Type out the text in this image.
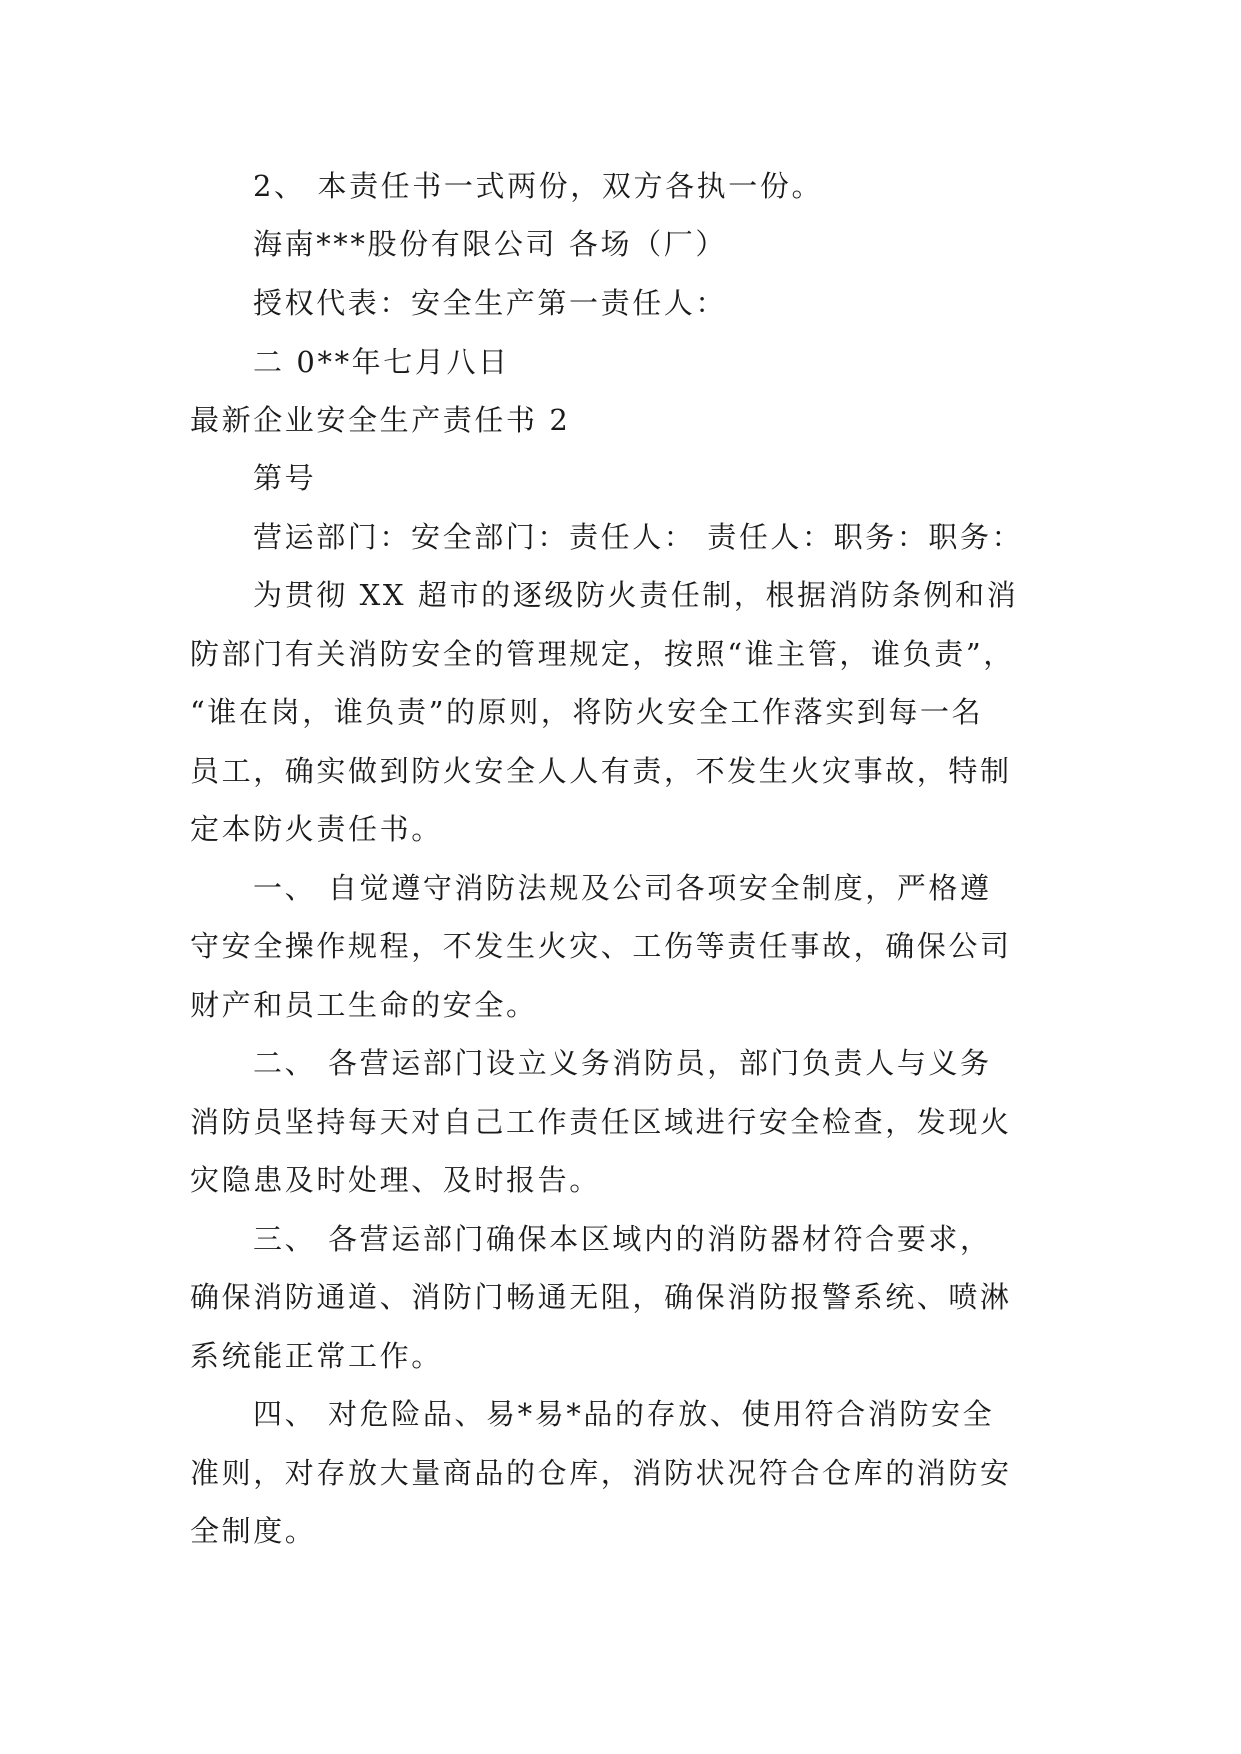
2、 本责任书一式两份，双方各执一份。

海南***股份有限公司 各场（厂）

授权代表：安全生产第一责任人：

二 0**年七月八日

最新企业安全生产责任书 2

第号

营运部门：安全部门：责任人： 责任人：职务：职务：

为贯彻 XX 超市的逐级防火责任制，根据消防条例和消

防部门有关消防安全的管理规定，按照“谁主管，谁负责”，

“谁在岗，谁负责”的原则，将防火安全工作落实到每一名

员工，确实做到防火安全人人有责，不发生火灾事故，特制

定本防火责任书。

一、 自觉遵守消防法规及公司各项安全制度，严格遵

守安全操作规程，不发生火灾、工伤等责任事故，确保公司

财产和员工生命的安全。

二、 各营运部门设立义务消防员，部门负责人与义务

消防员坚持每天对自己工作责任区域进行安全检查，发现火

灾隐患及时处理、及时报告。

三、 各营运部门确保本区域内的消防器材符合要求，

确保消防通道、消防门畅通无阻，确保消防报警系统、喷淋

系统能正常工作。

四、 对危险品、易*易*品的存放、使用符合消防安全

准则，对存放大量商品的仓库，消防状况符合仓库的消防安

全制度。
